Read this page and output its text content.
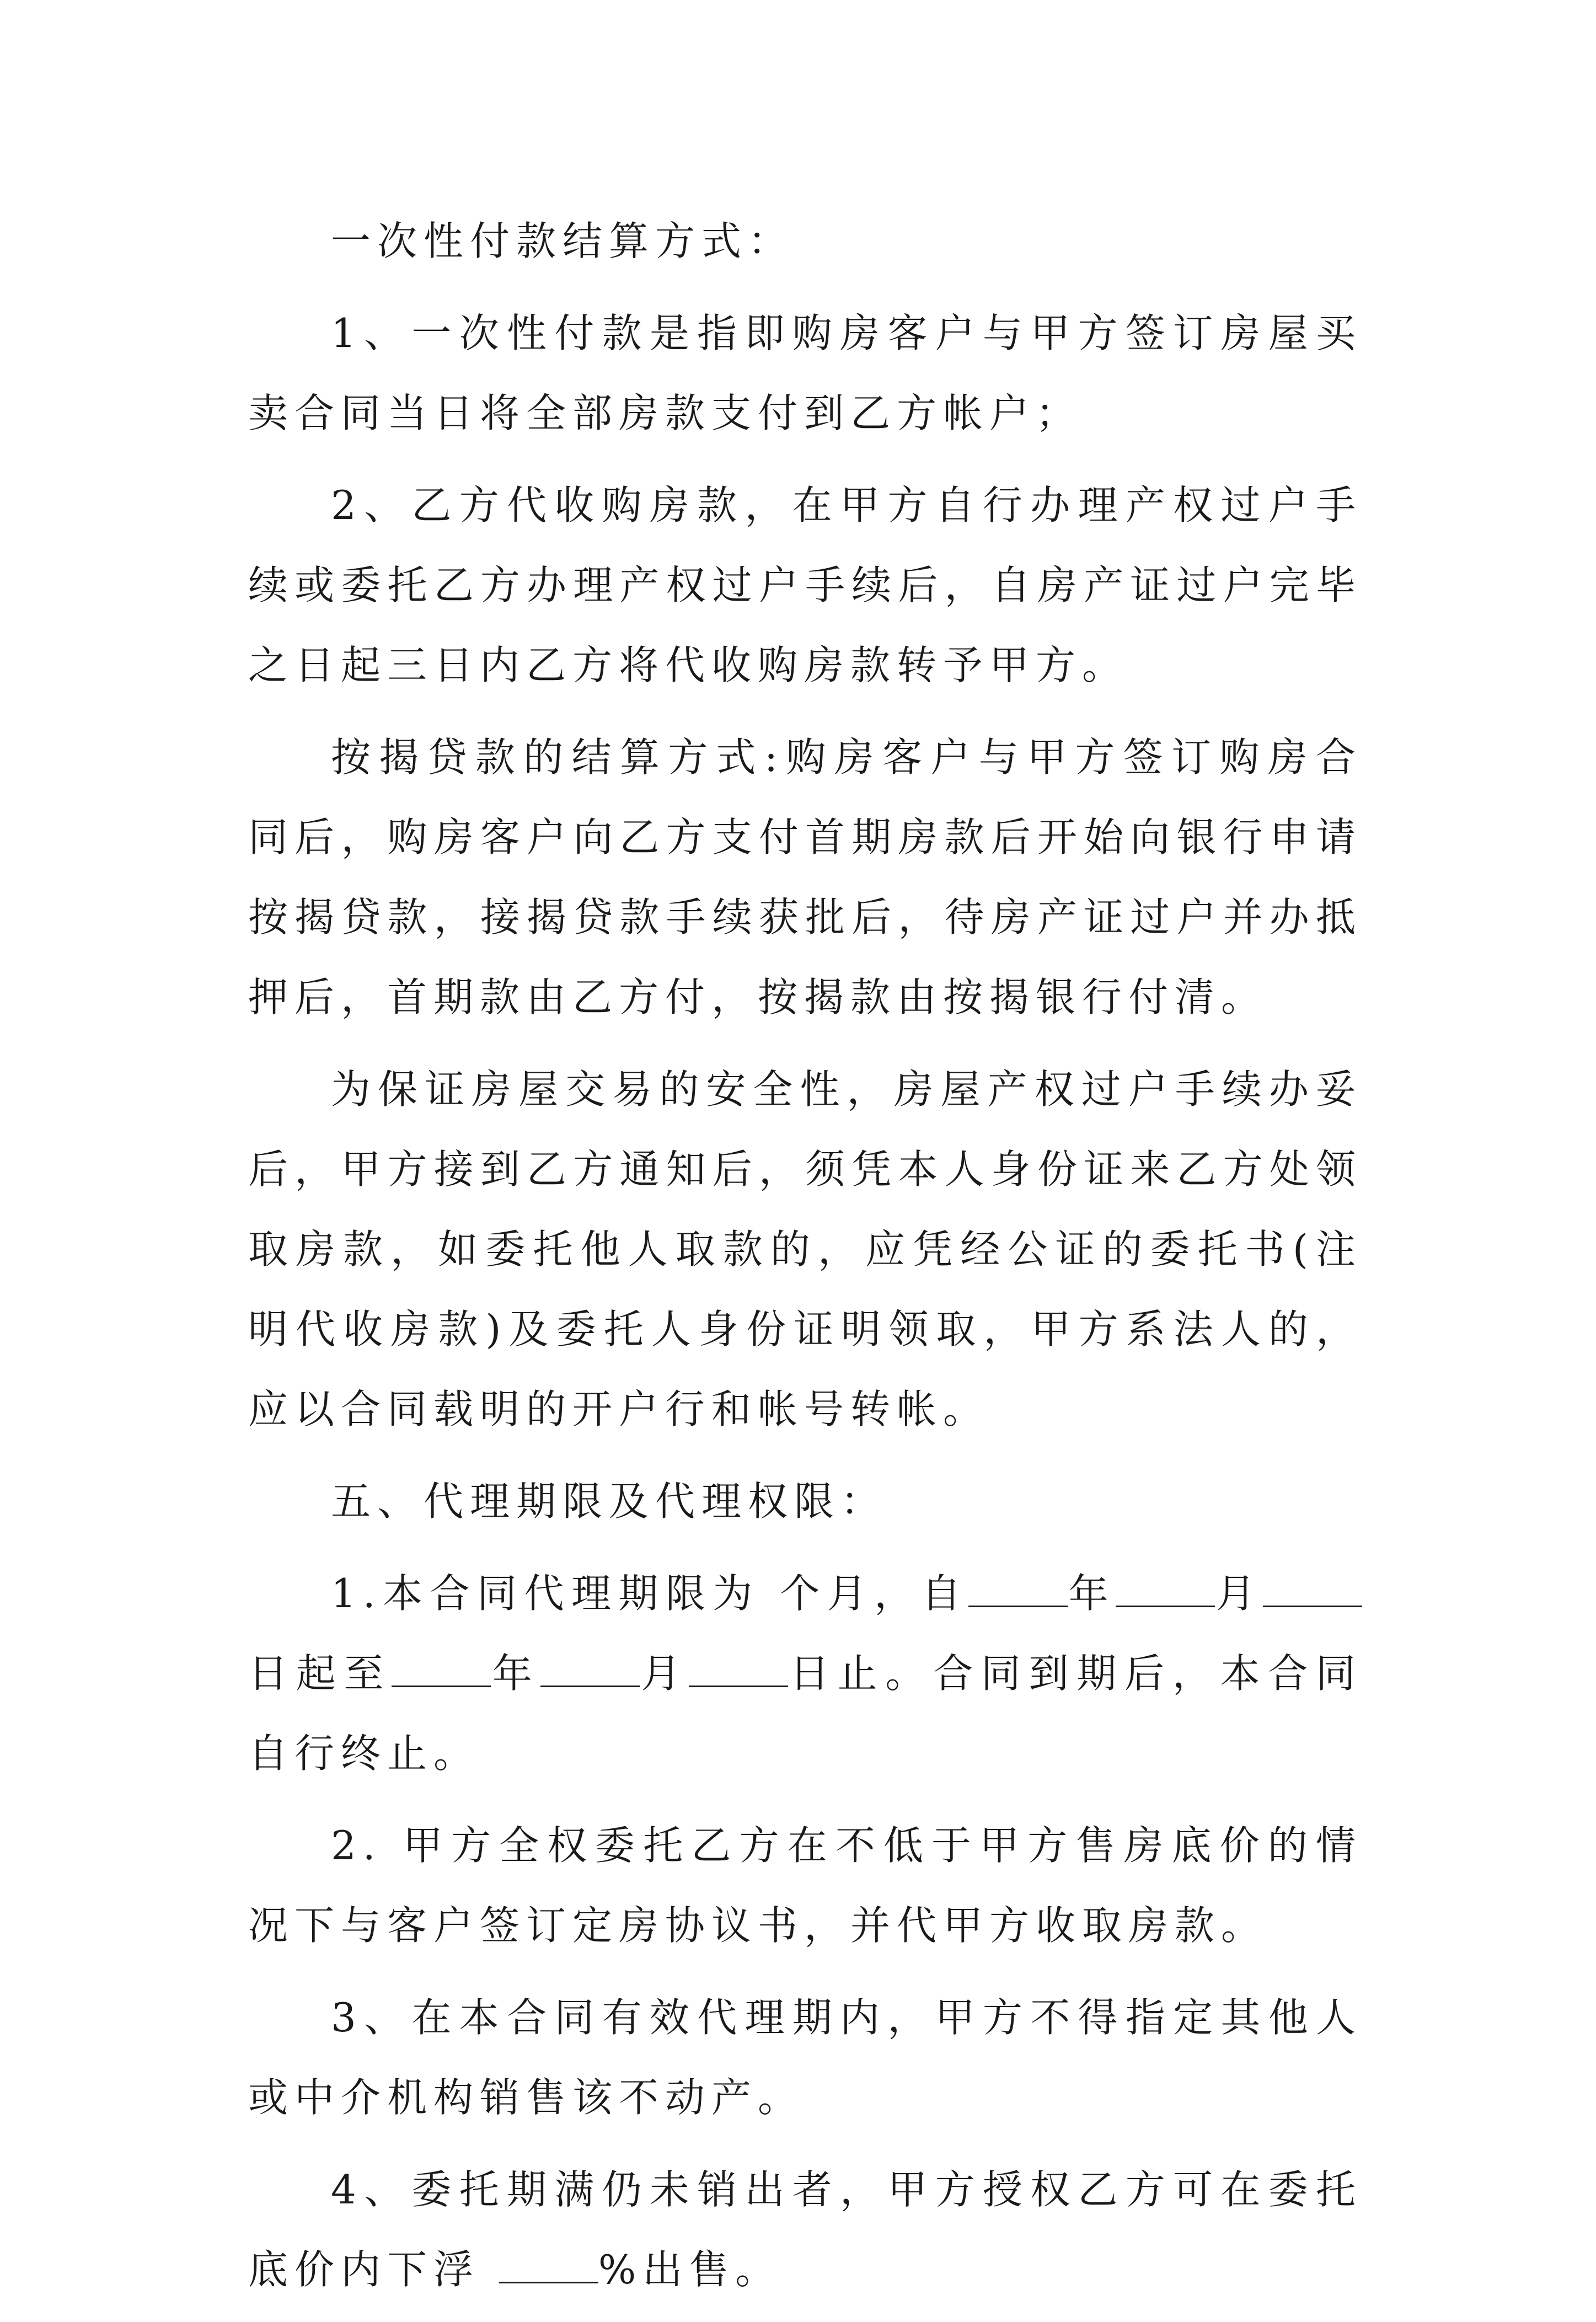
一次性付款结算方式：

1、一次性付款是指即购房客户与甲方签订房屋买卖合同当日将全部房款支付到乙方帐户；

2、乙方代收购房款，在甲方自行办理产权过户手续或委托乙方办理产权过户手续后，自房产证过户完毕之日起三日内乙方将代收购房款转予甲方。

按揭贷款的结算方式:购房客户与甲方签订购房合同后，购房客户向乙方支付首期房款后开始向银行申请按揭贷款，接揭贷款手续获批后，待房产证过户并办抵押后，首期款由乙方付，按揭款由按揭银行付清。

为保证房屋交易的安全性，房屋产权过户手续办妥后，甲方接到乙方通知后，须凭本人身份证来乙方处领取房款，如委托他人取款的，应凭经公证的委托书(注明代收房款)及委托人身份证明领取，甲方系法人的，应以合同载明的开户行和帐号转帐。

五、代理期限及代理权限：

1.本合同代理期限为 个月，自	年	月日起至	年	月	日止。合同到期后，本合同自行终止。

2. 甲方全权委托乙方在不低于甲方售房底价的情况下与客户签订定房协议书，并代甲方收取房款。

3、在本合同有效代理期内，甲方不得指定其他人或中介机构销售该不动产。

4、委托期满仍未销出者，甲方授权乙方可在委托底价内下浮	%出售。
